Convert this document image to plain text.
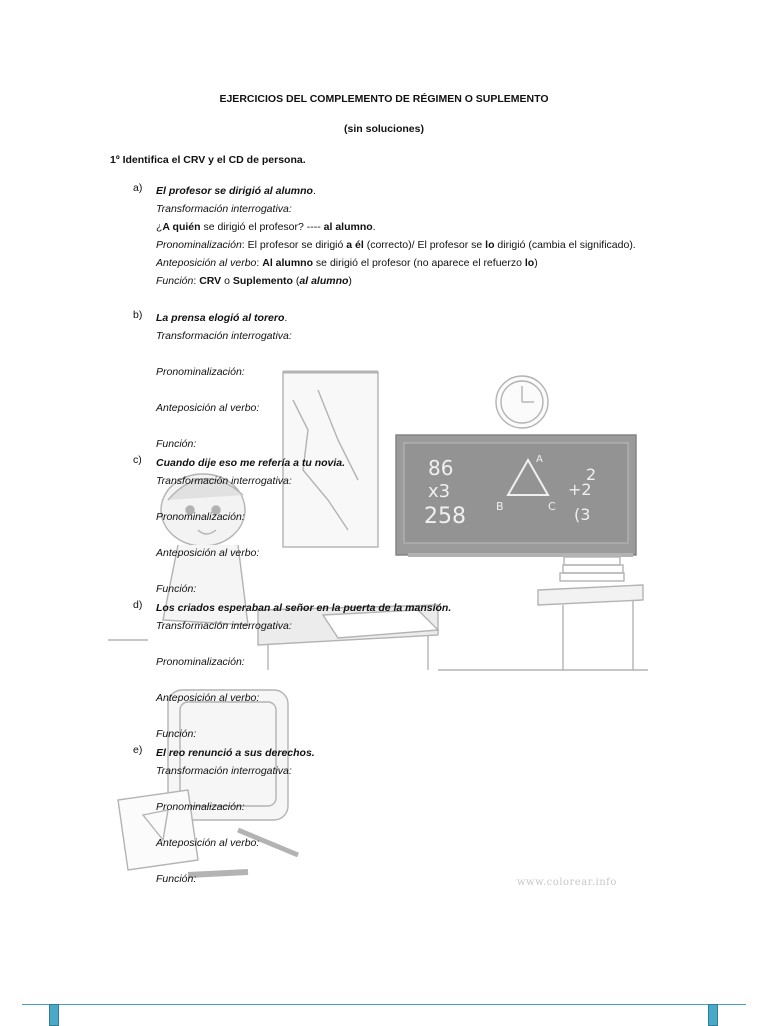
86
x3
258
A
B	C
2
+2
(3
EJERCICIOS DEL COMPLEMENTO DE RÉGIMEN O SUPLEMENTO
(sin soluciones)
1º Identifica el CRV y el CD de persona.
a) El profesor se dirigió al alumno.
Transformación interrogativa:
¿A quién se dirigió el profesor? ---- al alumno.
Pronominalización: El profesor se dirigió a él (correcto)/ El profesor se lo dirigió (cambia el significado).
Anteposición al verbo: Al alumno se dirigió el profesor (no aparece el refuerzo lo)
Función: CRV o Suplemento (al alumno)
b) La prensa elogió al torero.
Transformación interrogativa:
Pronominalización:
Anteposición al verbo:
Función:
c) Cuando dije eso me refería a tu novia.
Transformación interrogativa:
Pronominalización:
Anteposición al verbo:
Función:
d) Los criados esperaban al señor en la puerta de la mansión.
Transformación interrogativa:
Pronominalización:
Anteposición al verbo:
Función:
e) El reo renunció a sus derechos.
Transformación interrogativa:
Pronominalización:
Anteposición al verbo:
Función:	www.colorear.info
